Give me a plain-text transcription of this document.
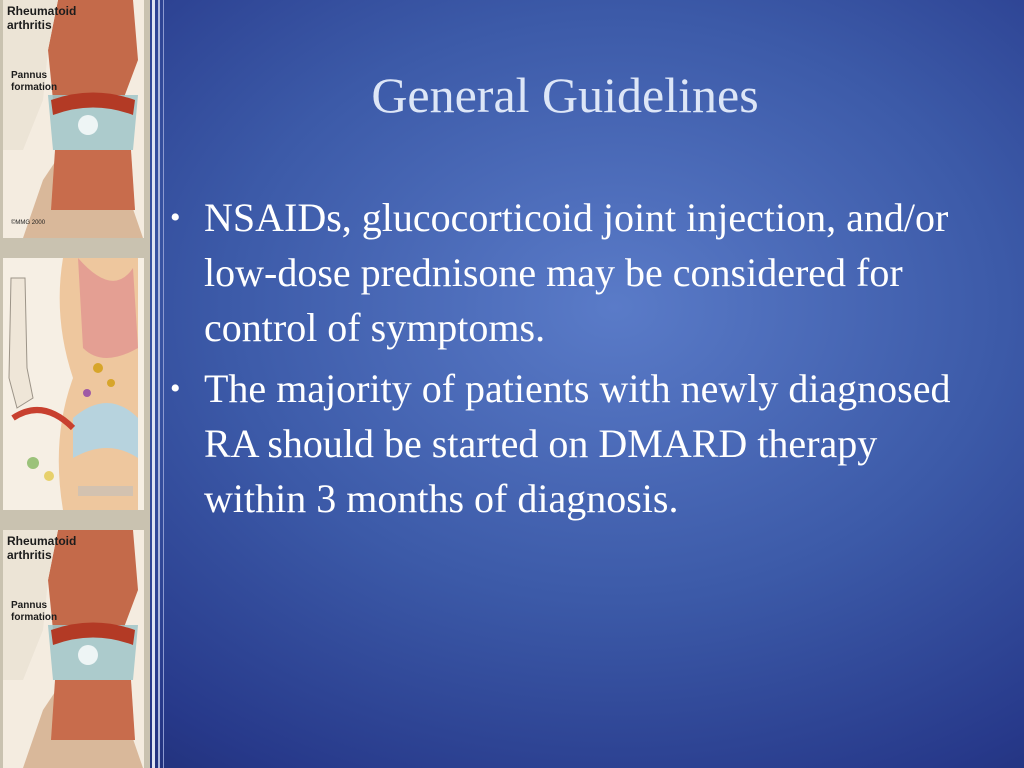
Rheumatoid arthritis
Pannus formation
©MMG 2000
Rheumatoid arthritis
Pannus formation
General Guidelines
• NSAIDs, glucocorticoid joint injection, and/or low-dose prednisone may be considered for control of symptoms.
• The majority of patients with newly diagnosed RA should be started on DMARD therapy within 3 months of diagnosis.
